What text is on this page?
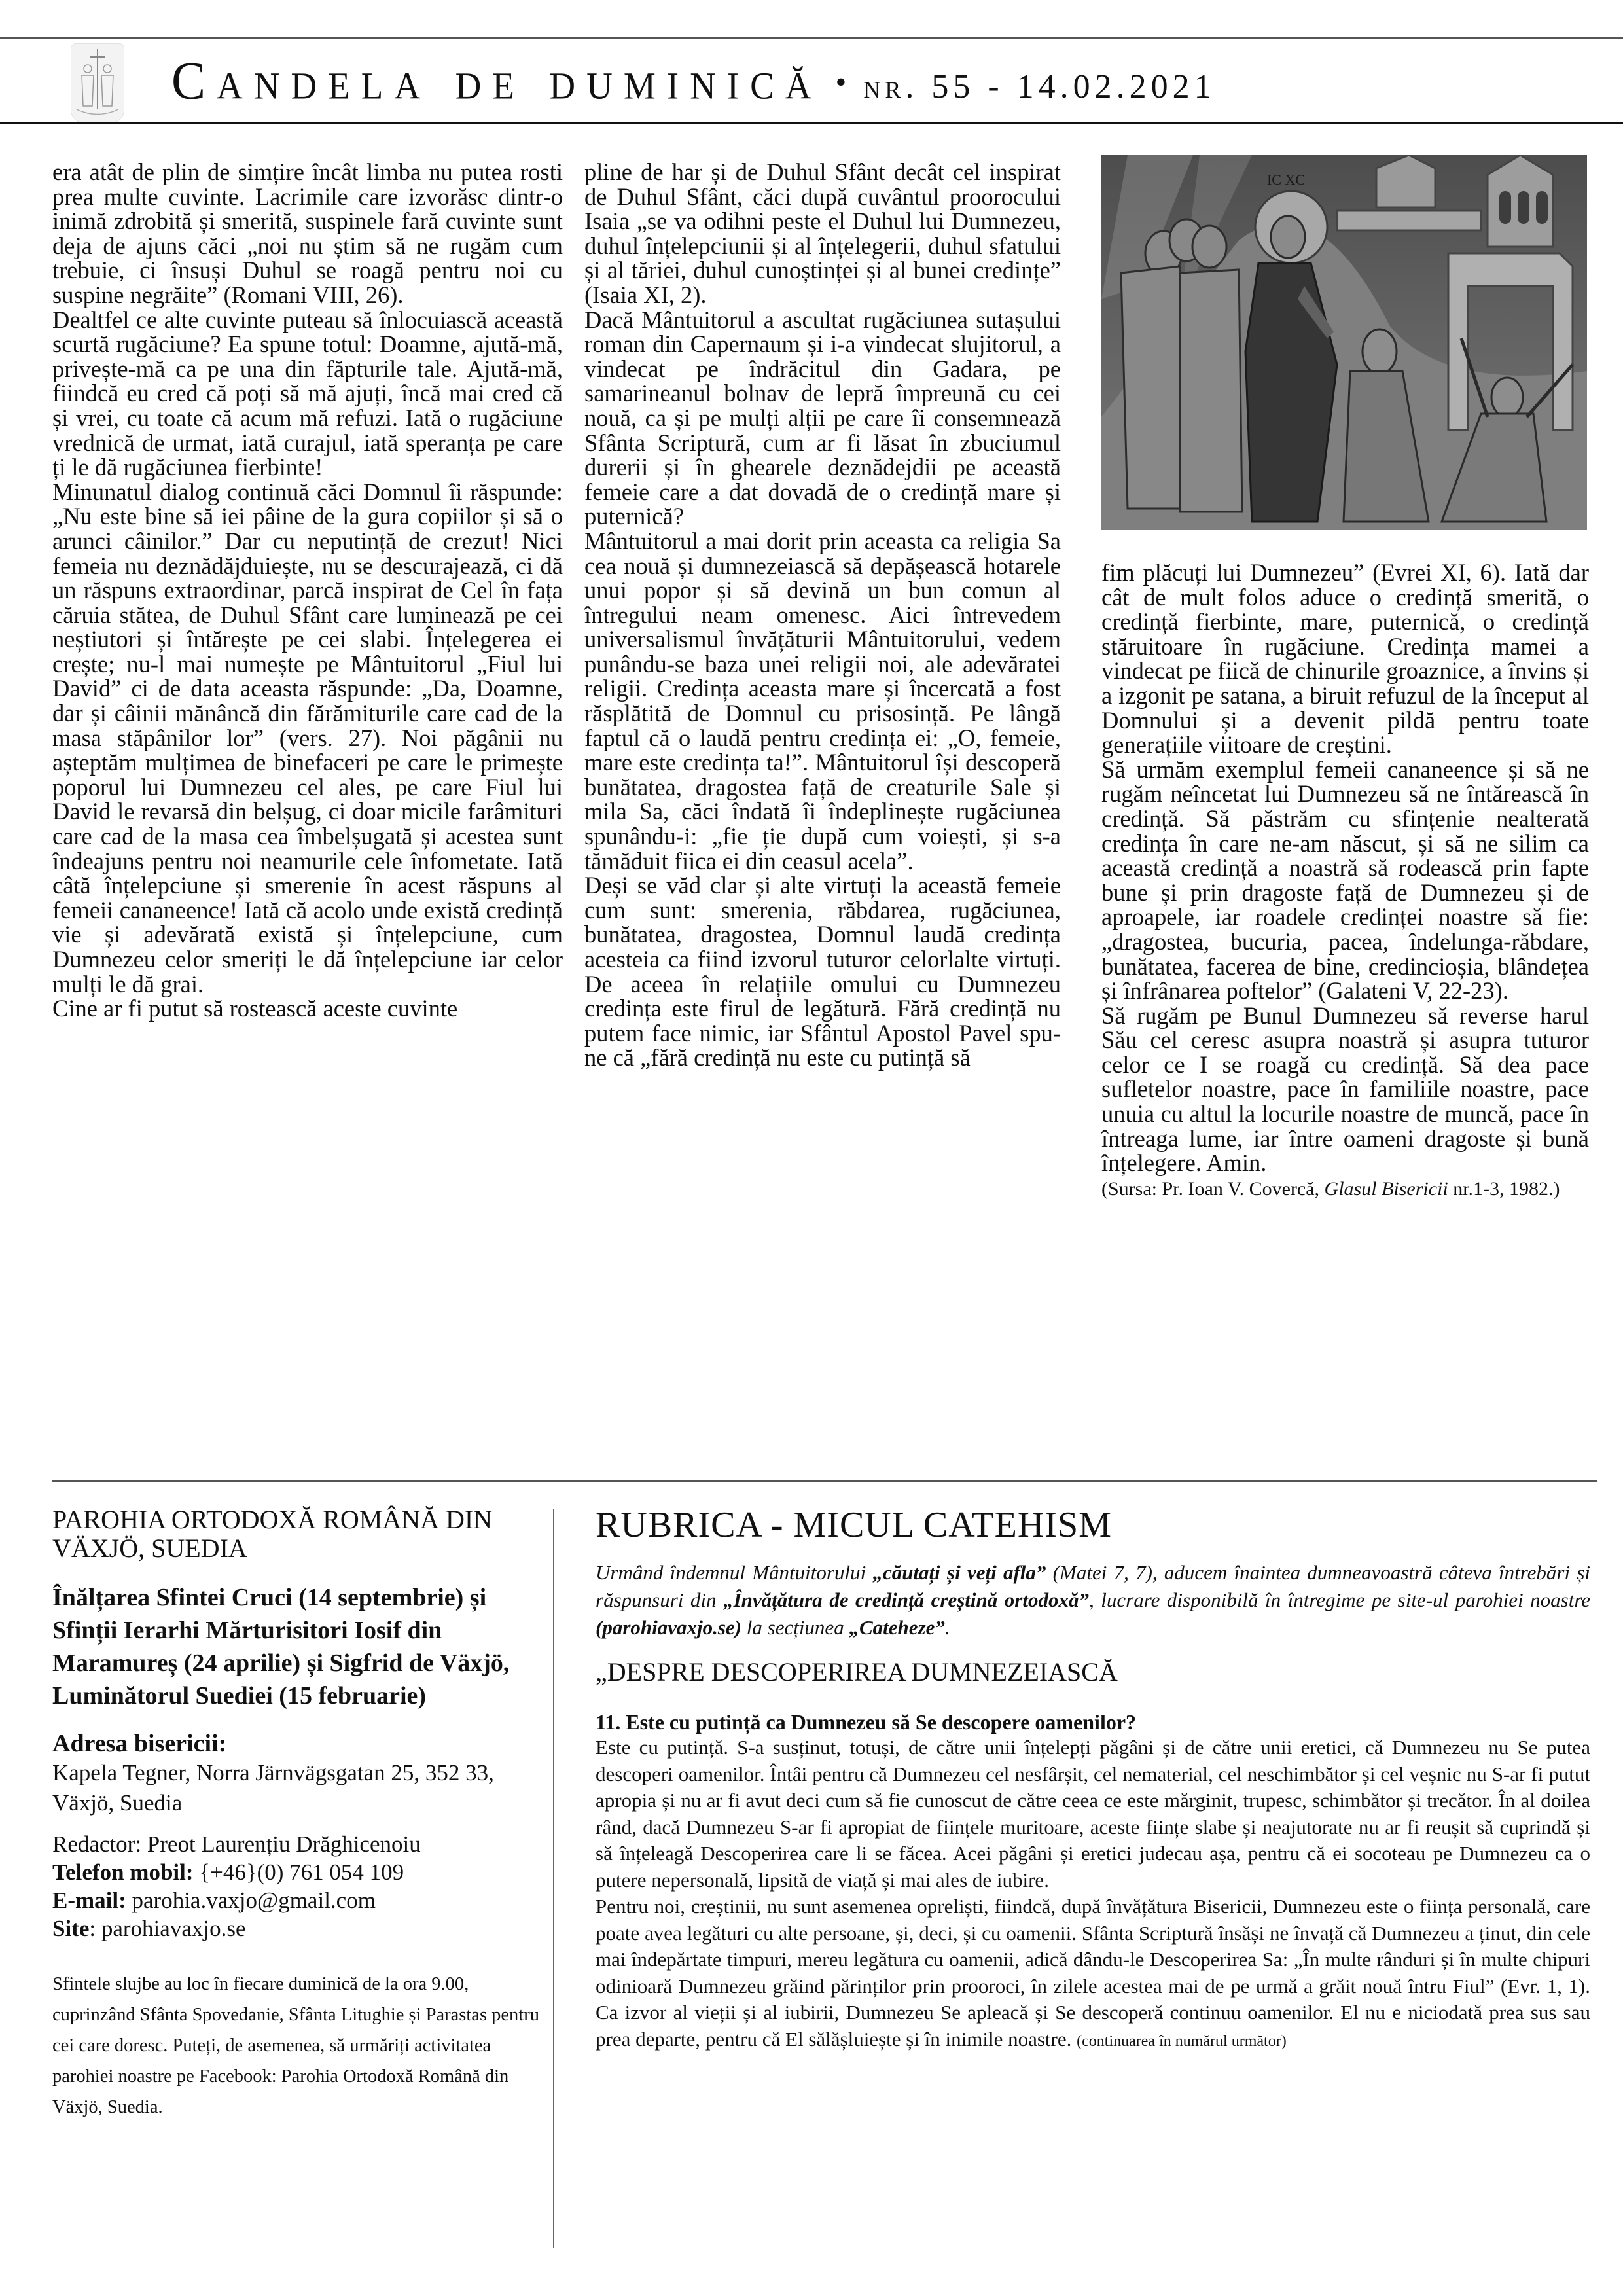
Candela de duminică • nr. 55 - 14.02.2021

era atât de plin de simțire încât limba nu putea rosti prea multe cuvinte. Lacrimile care izvorăsc dintr-o inimă zdrobită și smerită, suspinele fară cuvinte sunt deja de ajuns căci „noi nu știm să ne rugăm cum trebuie, ci însuși Duhul se roagă pentru noi cu suspine negrăite” (Romani VIII, 26).

Dealtfel ce alte cuvinte puteau să înlocuiască această scurtă rugăciune? Ea spune totul: Doamne, ajută-mă, privește-mă ca pe una din făpturile tale. Ajută-mă, fiindcă eu cred că poți să mă ajuți, încă mai cred că și vrei, cu toate că acum mă refuzi. Iată o rugăciune vrednică de urmat, iată curajul, iată speranța pe care ți le dă rugăciunea fierbinte!

Minunatul dialog continuă căci Domnul îi răspunde: „Nu este bine să iei pâine de la gura copiilor și să o arunci câinilor.” Dar cu neputință de crezut! Nici femeia nu deznădăjduiește, nu se descurajează, ci dă un răspuns extraordinar, parcă inspirat de Cel în fața căruia stătea, de Duhul Sfânt care luminează pe cei neștiutori și întărește pe cei slabi. Înțelegerea ei crește; nu-l mai numește pe Mântuitorul „Fiul lui David” ci de data aceasta răspunde: „Da, Doamne, dar și câinii mănâncă din fărămiturile care cad de la masa stăpânilor lor” (vers. 27). Noi păgânii nu așteptăm mulțimea de binefaceri pe care le primește poporul lui Dumnezeu cel ales, pe care Fiul lui David le revarsă din belșug, ci doar micile farâmituri care cad de la masa cea îmbelșugată și acestea sunt îndeajuns pentru noi neamurile cele înfometate. Iată câtă înțelepciune și smerenie în acest răspuns al femeii cananeence! Iată că acolo unde există credință vie și adevărată există și înțelepciune, cum Dumnezeu celor smeriți le dă înțelepciune iar celor mulți le dă grai.

Cine ar fi putut să rostească aceste cuvinte

pline de har și de Duhul Sfânt decât cel inspirat de Duhul Sfânt, căci după cuvântul proorocului Isaia „se va odihni peste el Duhul lui Dumnezeu, duhul înțelepciunii și al înțelegerii, duhul sfatului și al tăriei, duhul cunoștinței și al bunei credințe” (Isaia XI, 2).

Dacă Mântuitorul a ascultat rugăciunea sutașului roman din Capernaum și i-a vindecat slujitorul, a vindecat pe îndrăcitul din Gadara, pe samarineanul bolnav de lepră împreună cu cei nouă, ca și pe mulți alții pe care îi consemnează Sfânta Scriptură, cum ar fi lăsat în zbuciumul durerii și în ghearele deznădejdii pe această femeie care a dat dovadă de o credință mare și puternică?

Mântuitorul a mai dorit prin aceasta ca religia Sa cea nouă și dumnezeiască să depășească hotarele unui popor și să devină un bun comun al întregului neam omenesc. Aici întrevedem universalismul învățăturii Mântuitorului, vedem punându-se baza unei religii noi, ale adevăratei religii. Credința aceasta mare și încercată a fost răsplătită de Domnul cu prisosință. Pe lângă faptul că o laudă pentru credința ei: „O, femeie, mare este credința ta!”. Mântuitorul își descoperă bunătatea, dragostea față de creaturile Sale și mila Sa, căci îndată îi îndeplinește rugăciunea spunându-i: „fie ție după cum voiești, și s-a tămăduit fiica ei din ceasul acela”.

Deși se văd clar și alte virtuți la această femeie cum sunt: smerenia, răbdarea, rugăciunea, bunătatea, dragostea, Domnul laudă credința acesteia ca fiind izvorul tuturor celorlalte virtuți. De aceea în relațiile omului cu Dumnezeu credința este firul de legătură. Fără credință nu putem face nimic, iar Sfântul Apostol Pavel spune că „fără credință nu este cu putință să

IC XC

fim plăcuți lui Dumnezeu” (Evrei XI, 6). Iată dar cât de mult folos aduce o credință smerită, o credință fierbinte, mare, puternică, o credință stăruitoare în rugăciune. Credința mamei a vindecat pe fiică de chinurile groaznice, a învins și a izgonit pe satana, a biruit refuzul de la început al Domnului și a devenit pildă pentru toate generațiile viitoare de creștini.

Să urmăm exemplul femeii cananeence și să ne rugăm neîncetat lui Dumnezeu să ne întărească în credință. Să păstrăm cu sfințenie nealterată credința în care ne-am născut, și să ne silim ca această credință a noastră să rodească prin fapte bune și prin dragoste față de Dumnezeu și de aproapele, iar roadele credinței noastre să fie: „dragostea, bucuria, pacea, îndelunga-răbdare, bunătatea, facerea de bine, credincioșia, blândețea și înfrânarea poftelor” (Galateni V, 22-23).

Să rugăm pe Bunul Dumnezeu să reverse harul Său cel ceresc asupra noastră și asupra tuturor celor ce I se roagă cu credință. Să dea pace sufletelor noastre, pace în familiile noastre, pace unuia cu altul la locurile noastre de muncă, pace în întreaga lume, iar între oameni dragoste și bună înțelegere. Amin.

(Sursa: Pr. Ioan V. Covercă, Glasul Bisericii nr.1-3, 1982.)

PAROHIA ORTODOXĂ ROMÂNĂ DIN VÄXJÖ, SUEDIA
Înălțarea Sfintei Cruci (14 septembrie) și Sfinții Ierarhi Mărturisitori Iosif din Maramureș (24 aprilie) și Sigfrid de Växjö, Luminătorul Suediei (15 februarie)
Adresa bisericii:
Kapela Tegner, Norra Järnvägsgatan 25, 352 33, Växjö, Suedia
Redactor: Preot Laurențiu Drăghicenoiu
Telefon mobil: {+46}(0) 761 054 109
E-mail: parohia.vaxjo@gmail.com
Site: parohiavaxjo.se
Sfintele slujbe au loc în fiecare duminică de la ora 9.00, cuprinzând Sfânta Spovedanie, Sfânta Litughie și Parastas pentru cei care doresc. Puteți, de asemenea, să urmăriți activitatea parohiei noastre pe Facebook: Parohia Ortodoxă Română din Växjö, Suedia.
RUBRICA - MICUL CATEHISM
Urmând îndemnul Mântuitorului „căutați și veți afla” (Matei 7, 7), aducem înaintea dumneavoastră câteva întrebări și răspunsuri din „Învățătura de credință creștină ortodoxă”, lucrare disponibilă în întregime pe site-ul parohiei noastre (parohiavaxjo.se) la secțiunea „Cateheze”.
„DESPRE DESCOPERIREA DUMNEZEIASCĂ
11. Este cu putință ca Dumnezeu să Se descopere oamenilor?

Este cu putință. S-a susținut, totuși, de către unii înțelepți păgâni și de către unii eretici, că Dumnezeu nu Se putea descoperi oamenilor. Întâi pentru că Dumnezeu cel nesfârșit, cel nematerial, cel neschimbător și cel veșnic nu S-ar fi putut apropia și nu ar fi avut deci cum să fie cunoscut de către ceea ce este mărginit, trupesc, schimbător și trecător. În al doilea rând, dacă Dumnezeu S-ar fi apropiat de ființele muritoare, aceste ființe slabe și neajutorate nu ar fi reușit să cuprindă și să înțeleagă Descoperirea care li se făcea. Acei păgâni și eretici judecau așa, pentru că ei socoteau pe Dumnezeu ca o putere nepersonală, lipsită de viață și mai ales de iubire.

Pentru noi, creștinii, nu sunt asemenea opreliști, fiindcă, după învățătura Bisericii, Dumnezeu este o ființa personală, care poate avea legături cu alte persoane, și, deci, și cu oamenii. Sfânta Scriptură însăși ne învață că Dumnezeu a ținut, din cele mai îndepărtate timpuri, mereu legătura cu oamenii, adică dându-le Descoperirea Sa: „În multe rânduri și în multe chipuri odinioară Dumnezeu grăind părinților prin prooroci, în zilele acestea mai de pe urmă a grăit nouă întru Fiul” (Evr. 1, 1). Ca izvor al vieții și al iubirii, Dumnezeu Se apleacă și Se descoperă continuu oamenilor. El nu e niciodată prea sus sau prea departe, pentru că El sălășluiește și în inimile noastre. (continuarea în numărul următor)
